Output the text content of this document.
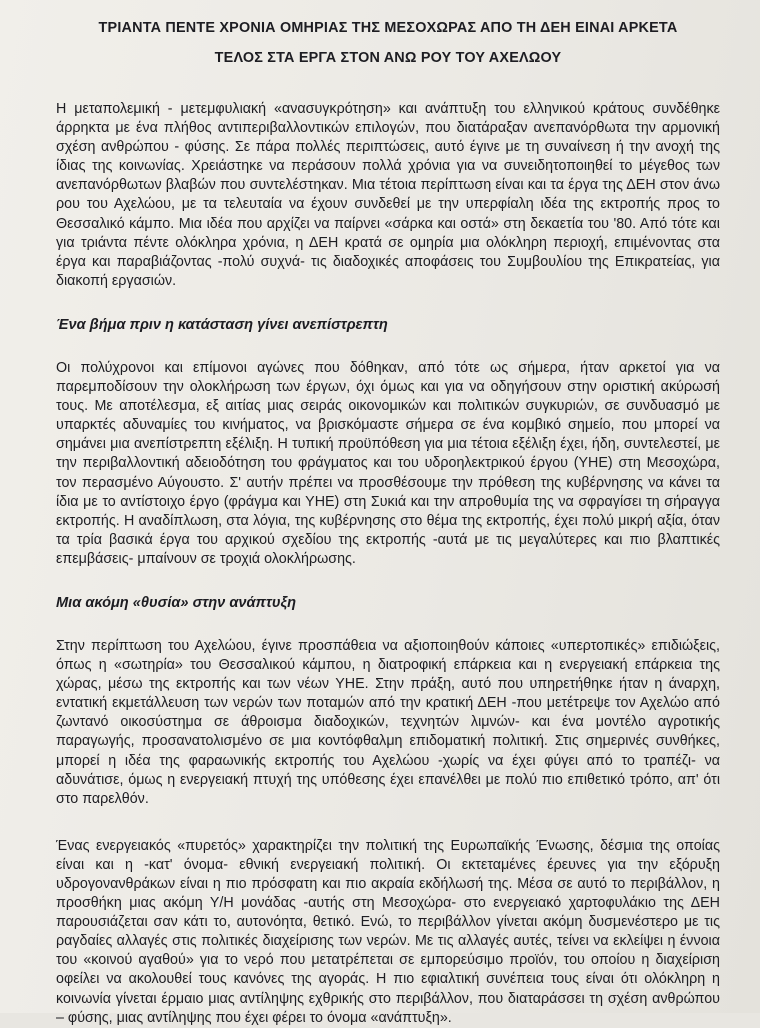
ΤΡΙΑΝΤΑ ΠΕΝΤΕ ΧΡΟΝΙΑ ΟΜΗΡΙΑΣ ΤΗΣ ΜΕΣΟΧΩΡΑΣ ΑΠΟ ΤΗ ΔΕΗ ΕΙΝΑΙ ΑΡΚΕΤΑ
ΤΕΛΟΣ ΣΤΑ ΕΡΓΑ ΣΤΟΝ ΑΝΩ ΡΟΥ ΤΟΥ ΑΧΕΛΩΟΥ

Η μεταπολεμική - μετεμφυλιακή «ανασυγκρότηση» και ανάπτυξη του ελληνικού κράτους συνδέθηκε άρρηκτα με ένα πλήθος αντιπεριβαλλοντικών επιλογών, που διατάραξαν ανεπανόρθωτα την αρμονική σχέση ανθρώπου - φύσης. Σε πάρα πολλές περιπτώσεις, αυτό έγινε με τη συναίνεση ή την ανοχή της ίδιας της κοινωνίας. Χρειάστηκε να περάσουν πολλά χρόνια για να συνειδητοποιηθεί το μέγεθος των ανεπανόρθωτων βλαβών που συντελέστηκαν. Μια τέτοια περίπτωση είναι και τα έργα της ΔΕΗ στον άνω ρου του Αχελώου, με τα τελευταία να έχουν συνδεθεί με την υπερφίαλη ιδέα της εκτροπής προς το Θεσσαλικό κάμπο. Μια ιδέα που αρχίζει να παίρνει «σάρκα και οστά» στη δεκαετία του '80. Από τότε και για τριάντα πέντε ολόκληρα χρόνια, η ΔΕΗ κρατά σε ομηρία μια ολόκληρη περιοχή, επιμένοντας στα έργα και παραβιάζοντας -πολύ συχνά- τις διαδοχικές αποφάσεις του Συμβουλίου της Επικρατείας, για διακοπή εργασιών.

Ένα βήμα πριν η κατάσταση γίνει ανεπίστρεπτη

Οι πολύχρονοι και επίμονοι αγώνες που δόθηκαν, από τότε ως σήμερα, ήταν αρκετοί για να παρεμποδίσουν την ολοκλήρωση των έργων, όχι όμως και για να οδηγήσουν στην οριστική ακύρωσή τους. Με αποτέλεσμα, εξ αιτίας μιας σειράς οικονομικών και πολιτικών συγκυριών, σε συνδυασμό με υπαρκτές αδυναμίες του κινήματος, να βρισκόμαστε σήμερα σε ένα κομβικό σημείο, που μπορεί να σημάνει μια ανεπίστρεπτη εξέλιξη. Η τυπική προϋπόθεση για μια τέτοια εξέλιξη έχει, ήδη, συντελεστεί, με την περιβαλλοντική αδειοδότηση του φράγματος και του υδροηλεκτρικού έργου (ΥΗΕ) στη Μεσοχώρα, τον περασμένο Αύγουστο. Σ' αυτήν πρέπει να προσθέσουμε την πρόθεση της κυβέρνησης να κάνει τα ίδια με το αντίστοιχο έργο (φράγμα και ΥΗΕ) στη Συκιά και την απροθυμία της να σφραγίσει τη σήραγγα εκτροπής. Η αναδίπλωση, στα λόγια, της κυβέρνησης στο θέμα της εκτροπής, έχει πολύ μικρή αξία, όταν τα τρία βασικά έργα του αρχικού σχεδίου της εκτροπής -αυτά με τις μεγαλύτερες και πιο βλαπτικές επεμβάσεις- μπαίνουν σε τροχιά ολοκλήρωσης.

Μια ακόμη «θυσία» στην ανάπτυξη

Στην περίπτωση του Αχελώου, έγινε προσπάθεια να αξιοποιηθούν κάποιες «υπερτοπικές» επιδιώξεις, όπως η «σωτηρία» του Θεσσαλικού κάμπου, η διατροφική επάρκεια και η ενεργειακή επάρκεια της χώρας, μέσω της εκτροπής και των νέων ΥΗΕ. Στην πράξη, αυτό που υπηρετήθηκε ήταν η άναρχη, εντατική εκμετάλλευση των νερών των ποταμών από την κρατική ΔΕΗ -που μετέτρεψε τον Αχελώο από ζωντανό οικοσύστημα σε άθροισμα διαδοχικών, τεχνητών λιμνών- και ένα μοντέλο αγροτικής παραγωγής, προσανατολισμένο σε μια κοντόφθαλμη επιδοματική πολιτική. Στις σημερινές συνθήκες, μπορεί η ιδέα της φαραωνικής εκτροπής του Αχελώου -χωρίς να έχει φύγει από το τραπέζι- να αδυνάτισε, όμως η ενεργειακή πτυχή της υπόθεσης έχει επανέλθει με πολύ πιο επιθετικό τρόπο, απ' ότι στο παρελθόν.

Ένας ενεργειακός «πυρετός» χαρακτηρίζει την πολιτική της Ευρωπαϊκής Ένωσης, δέσμια της οποίας είναι και η -κατ' όνομα- εθνική ενεργειακή πολιτική. Οι εκτεταμένες έρευνες για την εξόρυξη υδρογονανθράκων είναι η πιο πρόσφατη και πιο ακραία εκδήλωσή της. Μέσα σε αυτό το περιβάλλον, η προσθήκη μιας ακόμη Υ/Η μονάδας -αυτής στη Μεσοχώρα- στο ενεργειακό χαρτοφυλάκιο της ΔΕΗ παρουσιάζεται σαν κάτι το, αυτονόητα, θετικό. Ενώ, το περιβάλλον γίνεται ακόμη δυσμενέστερο με τις ραγδαίες αλλαγές στις πολιτικές διαχείρισης των νερών. Με τις αλλαγές αυτές, τείνει να εκλείψει η έννοια του «κοινού αγαθού» για το νερό που μετατρέπεται σε εμπορεύσιμο προϊόν, του οποίου η διαχείριση οφείλει να ακολουθεί τους κανόνες της αγοράς. Η πιο εφιαλτική συνέπεια τους είναι ότι ολόκληρη η κοινωνία γίνεται έρμαιο μιας αντίληψης εχθρικής στο περιβάλλον, που διαταράσσει τη σχέση ανθρώπου – φύσης, μιας αντίληψης που έχει φέρει το όνομα «ανάπτυξη».
